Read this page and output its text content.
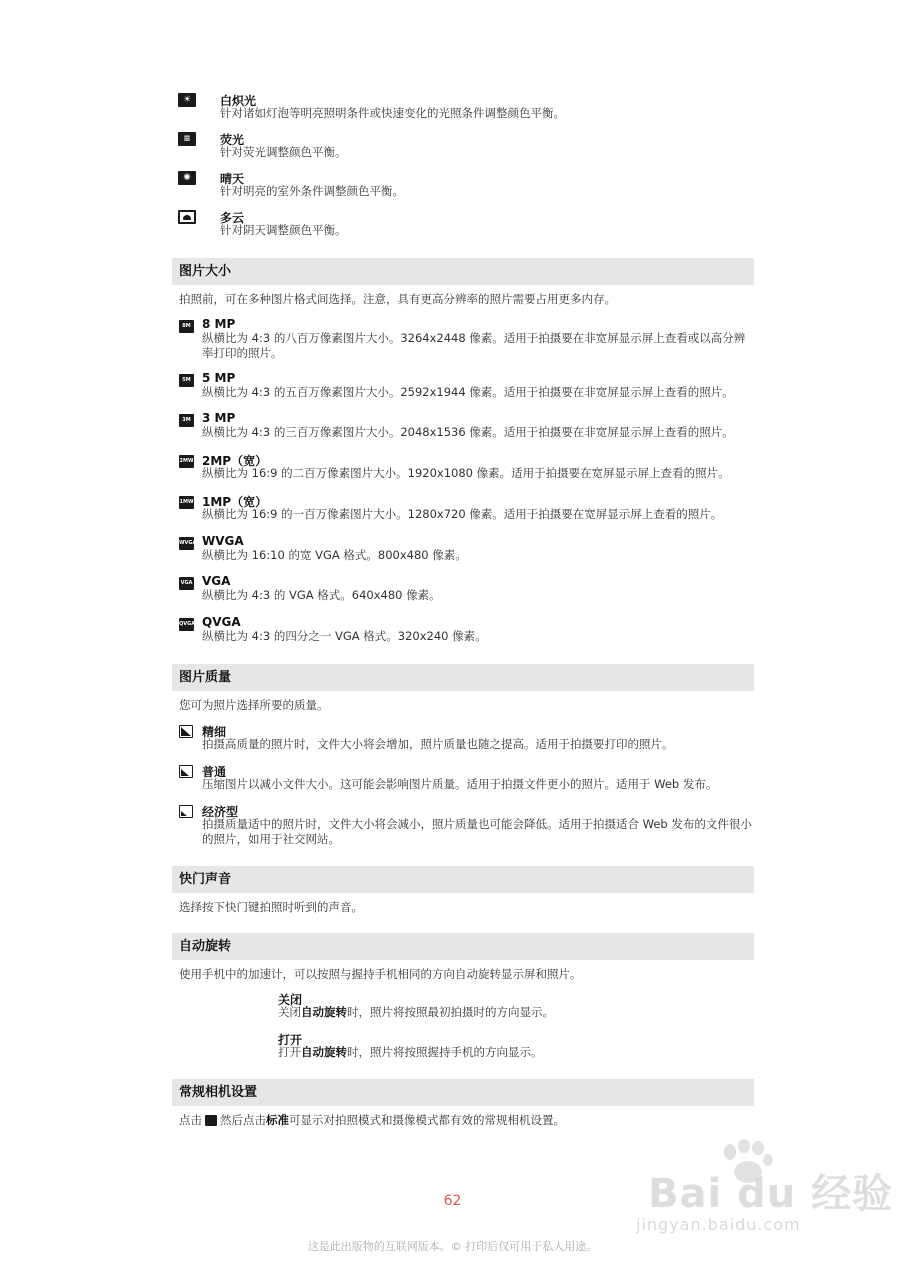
☀	白炽光
针对诸如灯泡等明亮照明条件或快速变化的光照条件调整颜色平衡。
≡	荧光
针对荧光调整颜色平衡。
✺	晴天
针对明亮的室外条件调整颜色平衡。
多云
针对阴天调整颜色平衡。
图片大小
拍照前，可在多种图片格式间选择。注意，具有更高分辨率的照片需要占用更多内存。
8M 8 MP
纵横比为 4:3 的八百万像素图片大小。3264x2448 像素。适用于拍摄要在非宽屏显示屏上查看或以高分辨率打印的照片。
5M 5 MP
纵横比为 4:3 的五百万像素图片大小。2592x1944 像素。适用于拍摄要在非宽屏显示屏上查看的照片。
3M 3 MP
纵横比为 4:3 的三百万像素图片大小。2048x1536 像素。适用于拍摄要在非宽屏显示屏上查看的照片。
2MW 2MP（宽）
纵横比为 16:9 的二百万像素图片大小。1920x1080 像素。适用于拍摄要在宽屏显示屏上查看的照片。
1MW 1MP（宽）
纵横比为 16:9 的一百万像素图片大小。1280x720 像素。适用于拍摄要在宽屏显示屏上查看的照片。
WVGA WVGA
纵横比为 16:10 的宽 VGA 格式。800x480 像素。
VGA VGA
纵横比为 4:3 的 VGA 格式。640x480 像素。
QVGA QVGA
纵横比为 4:3 的四分之一 VGA 格式。320x240 像素。
图片质量
您可为照片选择所要的质量。
精细
拍摄高质量的照片时，文件大小将会增加，照片质量也随之提高。适用于拍摄要打印的照片。
普通
压缩图片以减小文件大小。这可能会影响图片质量。适用于拍摄文件更小的照片。适用于 Web 发布。
经济型
拍摄质量适中的照片时，文件大小将会减小，照片质量也可能会降低。适用于拍摄适合 Web 发布的文件很小的照片，如用于社交网站。
快门声音
选择按下快门键拍照时听到的声音。
自动旋转
使用手机中的加速计，可以按照与握持手机相同的方向自动旋转显示屏和照片。
关闭
关闭自动旋转时，照片将按照最初拍摄时的方向显示。
打开
打开自动旋转时，照片将按照握持手机的方向显示。
常规相机设置
点击 然后点击标准可显示对拍照模式和摄像模式都有效的常规相机设置。
Bai du 经验
jingyan.baidu.com
62
这是此出版物的互联网版本。© 打印后仅可用于私人用途。
